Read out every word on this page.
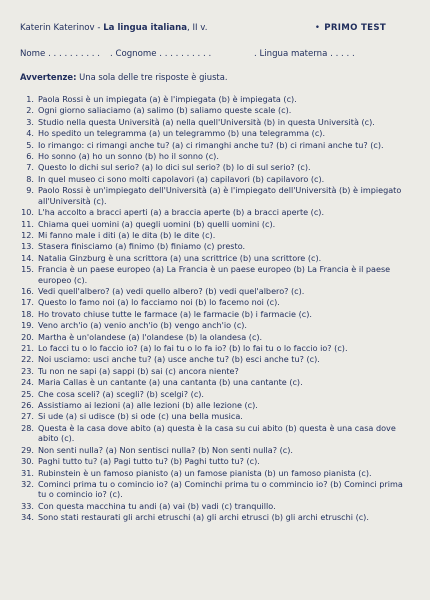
Katerin Katerinov - La lingua italiana, II v.	• PRIMO TEST
Nome . . . . . . . . . . . Cognome . . . . . . . . . .	. Lingua materna . . . . .
Avvertenze: Una sola delle tre risposte è giusta.
1. Paola Rossi è un impiegata (a) è l'impiegata (b) è impiegata (c).
2. Ogni giorno saliaciamo (a) salimo (b) saliamo queste scale (c).
3. Studio nella questa Università (a) nella quell'Università (b) in questa Università (c).
4. Ho spedito un telegramma (a) un telegrammo (b) una telegramma (c).
5. Io rimango: ci rimangi anche tu? (a) ci rimanghi anche tu? (b) ci rimani anche tu? (c).
6. Ho sonno (a) ho un sonno (b) ho il sonno (c).
7. Questo lo dichi sul serio? (a) lo dici sul serio? (b) lo di sul serio? (c).
8. In quel museo ci sono molti capolavori (a) capilavori (b) capilavoro (c).
9. Paolo Rossi è un'impiegato dell'Università (a) è l'impiegato dell'Università (b) è impiegato all'Università (c).
10. L'ha accolto a bracci aperti (a) a braccia aperte (b) a bracci aperte (c).
11. Chiama quei uomini (a) quegli uomini (b) quelli uomini (c).
12. Mi fanno male i diti (a) le dita (b) le dite (c).
13. Stasera finisciamo (a) finimo (b) finiamo (c) presto.
14. Natalia Ginzburg è una scrittora (a) una scrittrice (b) una scrittore (c).
15. Francia è un paese europeo (a) La Francia è un paese europeo (b) La Francia è il paese europeo (c).
16. Vedi quell'albero? (a) vedi quello albero? (b) vedi quel'albero? (c).
17. Questo lo famo noi (a) lo facciamo noi (b) lo facemo noi (c).
18. Ho trovato chiuse tutte le farmace (a) le farmacie (b) i farmacie (c).
19. Veno arch'io (a) venio anch'io (b) vengo anch'io (c).
20. Martha è un'olandese (a) l'olandese (b) la olandesa (c).
21. Lo facci tu o lo faccio io? (a) lo fai tu o lo fa io? (b) lo fai tu o lo faccio io? (c).
22. Noi usciamo: usci anche tu? (a) usce anche tu? (b) esci anche tu? (c).
23. Tu non ne sapi (a) sappi (b) sai (c) ancora niente?
24. Maria Callas è un cantante (a) una cantanta (b) una cantante (c).
25. Che cosa sceli? (a) scegli? (b) scelgi? (c).
26. Assistiamo ai lezioni (a) alle lezioni (b) alle lezione (c).
27. Si ude (a) si udisce (b) si ode (c) una bella musica.
28. Questa è la casa dove abito (a) questa è la casa su cui abito (b) questa è una casa dove abito (c).
29. Non senti nulla? (a) Non sentisci nulla? (b) Non senti nulla? (c).
30. Paghi tutto tu? (a) Pagi tutto tu? (b) Paghi tutto tu? (c).
31. Rubinstein è un famoso pianisto (a) un famose pianista (b) un famoso pianista (c).
32. Cominci prima tu o comincio io? (a) Cominchi prima tu o commincio io? (b) Cominci prima tu o comincio io? (c).
33. Con questa macchina tu andi (a) vai (b) vadi (c) tranquillo.
34. Sono stati restaurati gli archi etruschi (a) gli archi etrusci (b) gli archi etruschi (c).
